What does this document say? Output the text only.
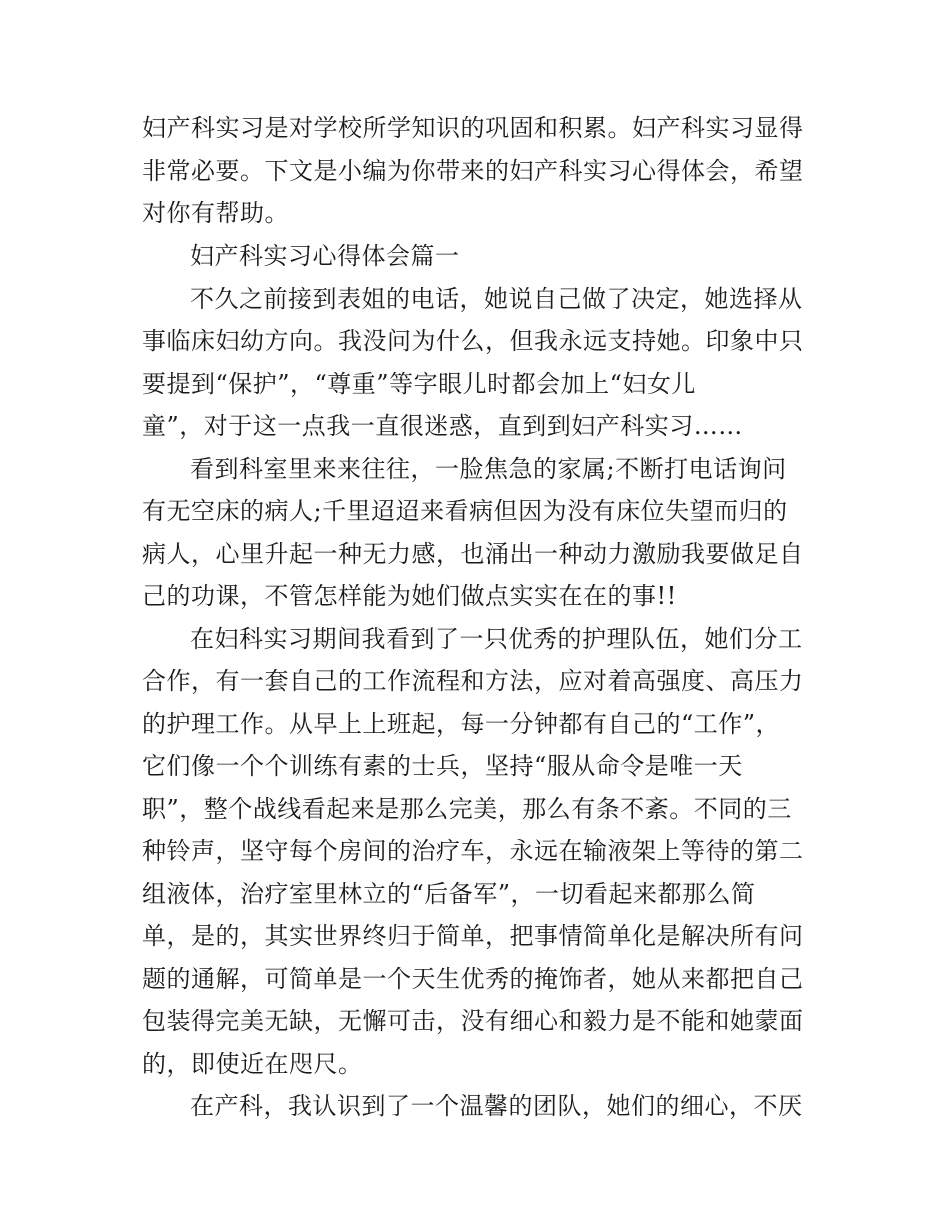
妇产科实习是对学校所学知识的巩固和积累。妇产科实习显得

非常必要。下文是小编为你带来的妇产科实习心得体会，希望

对你有帮助。

妇产科实习心得体会篇一

不久之前接到表姐的电话，她说自己做了决定，她选择从

事临床妇幼方向。我没问为什么，但我永远支持她。印象中只

要提到“保护”，“尊重”等字眼儿时都会加上“妇女儿

童”，对于这一点我一直很迷惑，直到到妇产科实习……

看到科室里来来往往，一脸焦急的家属;不断打电话询问

有无空床的病人;千里迢迢来看病但因为没有床位失望而归的

病人，心里升起一种无力感，也涌出一种动力激励我要做足自

己的功课，不管怎样能为她们做点实实在在的事!!

在妇科实习期间我看到了一只优秀的护理队伍，她们分工

合作，有一套自己的工作流程和方法，应对着高强度、高压力

的护理工作。从早上上班起，每一分钟都有自己的“工作”，

它们像一个个训练有素的士兵，坚持“服从命令是唯一天

职”，整个战线看起来是那么完美，那么有条不紊。不同的三

种铃声，坚守每个房间的治疗车，永远在输液架上等待的第二

组液体，治疗室里林立的“后备军”，一切看起来都那么简

单，是的，其实世界终归于简单，把事情简单化是解决所有问

题的通解，可简单是一个天生优秀的掩饰者，她从来都把自己

包装得完美无缺，无懈可击，没有细心和毅力是不能和她蒙面

的，即使近在咫尺。

在产科，我认识到了一个温馨的团队，她们的细心，不厌
